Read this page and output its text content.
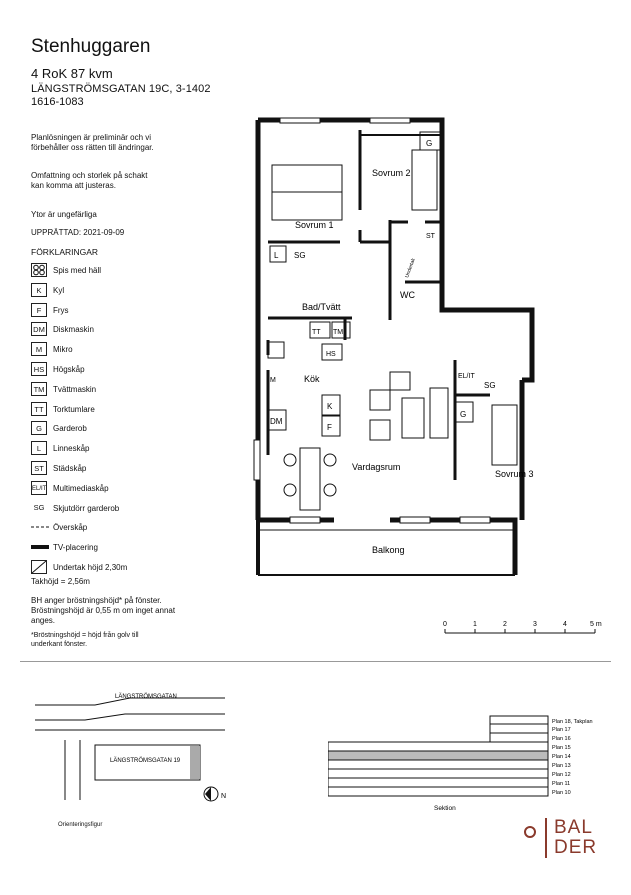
Stenhuggaren
4 RoK 87 kvm
LÄNGSTRÖMSGATAN 19C, 3-1402
1616-1083
Planlösningen är preliminär och vi förbehåller oss rätten till ändringar.
Omfattning och storlek på schakt kan komma att justeras.
Ytor är ungefärliga
UPPRÄTTAD: 2021-09-09
FÖRKLARINGAR
Spis med häll
K	Kyl
F	Frys
DM Diskmaskin
M	Mikro
HS	Högskåp
TM	Tvättmaskin
TT	Torktumlare
G	Garderob
L	Linneskåp
ST	Städskåp
EL/IT Multimediaskåp
SG	Skjutdörr garderob
Överskåp
TV-placering
Undertak höjd 2,30m
Takhöjd = 2,56m
BH anger bröstningshöjd* på fönster. Bröstningshöjd är 0,55 m om inget annat anges.
*Bröstningshöjd = höjd från golv till underkant fönster.
Sovrum 1
Sovrum 2
Sovrum 3
Bad/Tvätt
WC
Kök
Vardagsrum
Balkong
G
L SG
ST
TT TM
HS
M
DM
K
F
EL/IT
G
SG
Undertak
0	1	2	3	4	5 m
LÄNGSTRÖMSGATAN
LÄNGSTRÖMSGATAN 19
N
Orienteringsfigur
Plan 18, Takplan
Plan 17
Plan 16
Plan 15
Plan 14
Plan 13
Plan 12
Plan 11
Plan 10
Sektion
BAL
DER
